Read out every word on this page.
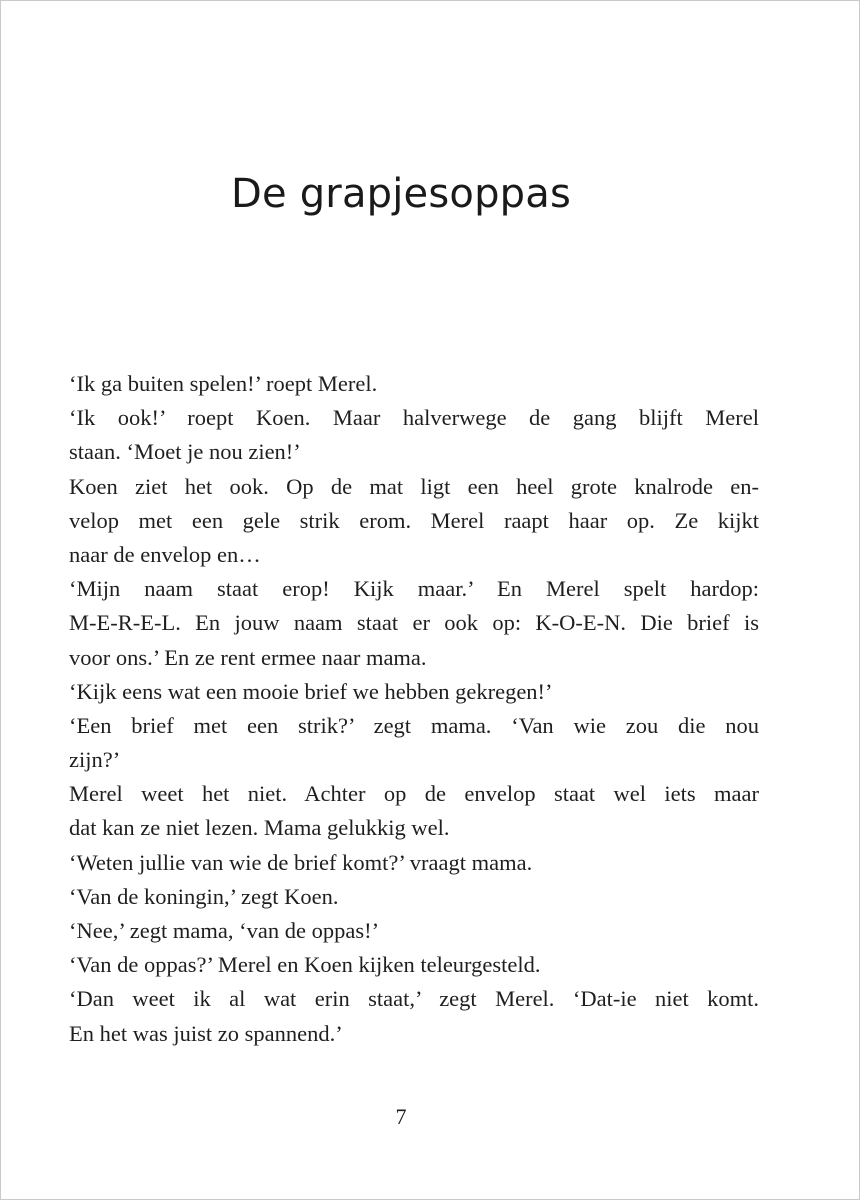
De grapjesoppas
‘Ik ga buiten spelen!’ roept Merel.
‘Ik ook!’ roept Koen. Maar halverwege de gang blijft Merel
staan. ‘Moet je nou zien!’
Koen ziet het ook. Op de mat ligt een heel grote knalrode en-
velop met een gele strik erom. Merel raapt haar op. Ze kijkt
naar de envelop en…
‘Mijn naam staat erop! Kijk maar.’ En Merel spelt hardop:
M-E-R-E-L. En jouw naam staat er ook op: K-O-E-N. Die brief is
voor ons.’ En ze rent ermee naar mama.
‘Kijk eens wat een mooie brief we hebben gekregen!’
‘Een brief met een strik?’ zegt mama. ‘Van wie zou die nou
zijn?’
Merel weet het niet. Achter op de envelop staat wel iets maar
dat kan ze niet lezen. Mama gelukkig wel.
‘Weten jullie van wie de brief komt?’ vraagt mama.
‘Van de koningin,’ zegt Koen.
‘Nee,’ zegt mama, ‘van de oppas!’
‘Van de oppas?’ Merel en Koen kijken teleurgesteld.
‘Dan weet ik al wat erin staat,’ zegt Merel. ‘Dat-ie niet komt.
En het was juist zo spannend.’
7
